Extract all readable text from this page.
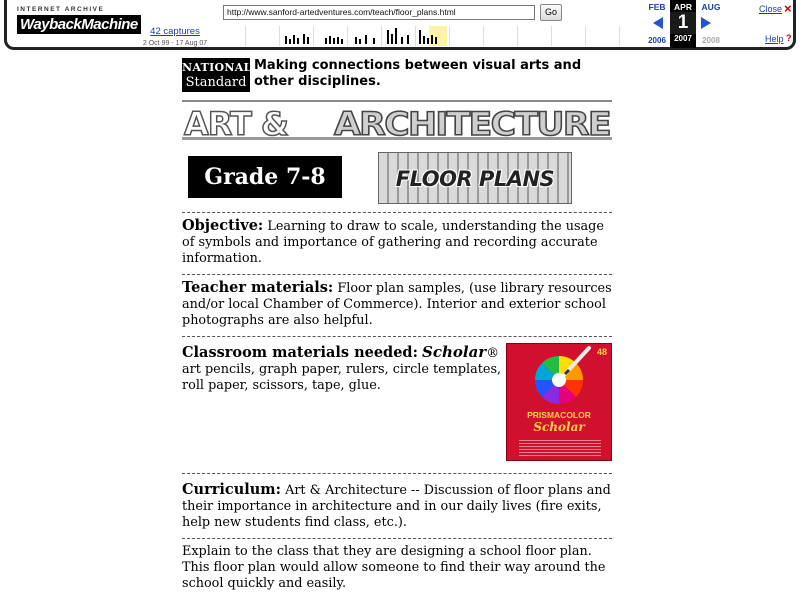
INTERNET ARCHIVE
WaybackMachine
http://www.sanford-artedventures.com/teach/floor_plans.html	Go
42 captures
2 Oct 99 - 17 Aug 07
FEB
2006
APR
1
2007
AUG
2008
Close ×
Help ?
NATIONAL
Standard
Making connections between visual arts and other disciplines.
ART & ARCHITECTURE
Grade 7-8	FLOOR PLANS
Objective: Learning to draw to scale, understanding the usage of symbols and importance of gathering and recording accurate information.
Teacher materials: Floor plan samples, (use library resources and/or local Chamber of Commerce). Interior and exterior school photographs are also helpful.
Classroom materials needed: Scholar® art pencils, graph paper, rulers, circle templates, roll paper, scissors, tape, glue.
48
PRISMACOLOR
Scholar
Curriculum: Art & Architecture -- Discussion of floor plans and their importance in architecture and in our daily lives (fire exits, help new students find class, etc.).
Explain to the class that they are designing a school floor plan. This floor plan would allow someone to find their way around the school quickly and easily.
